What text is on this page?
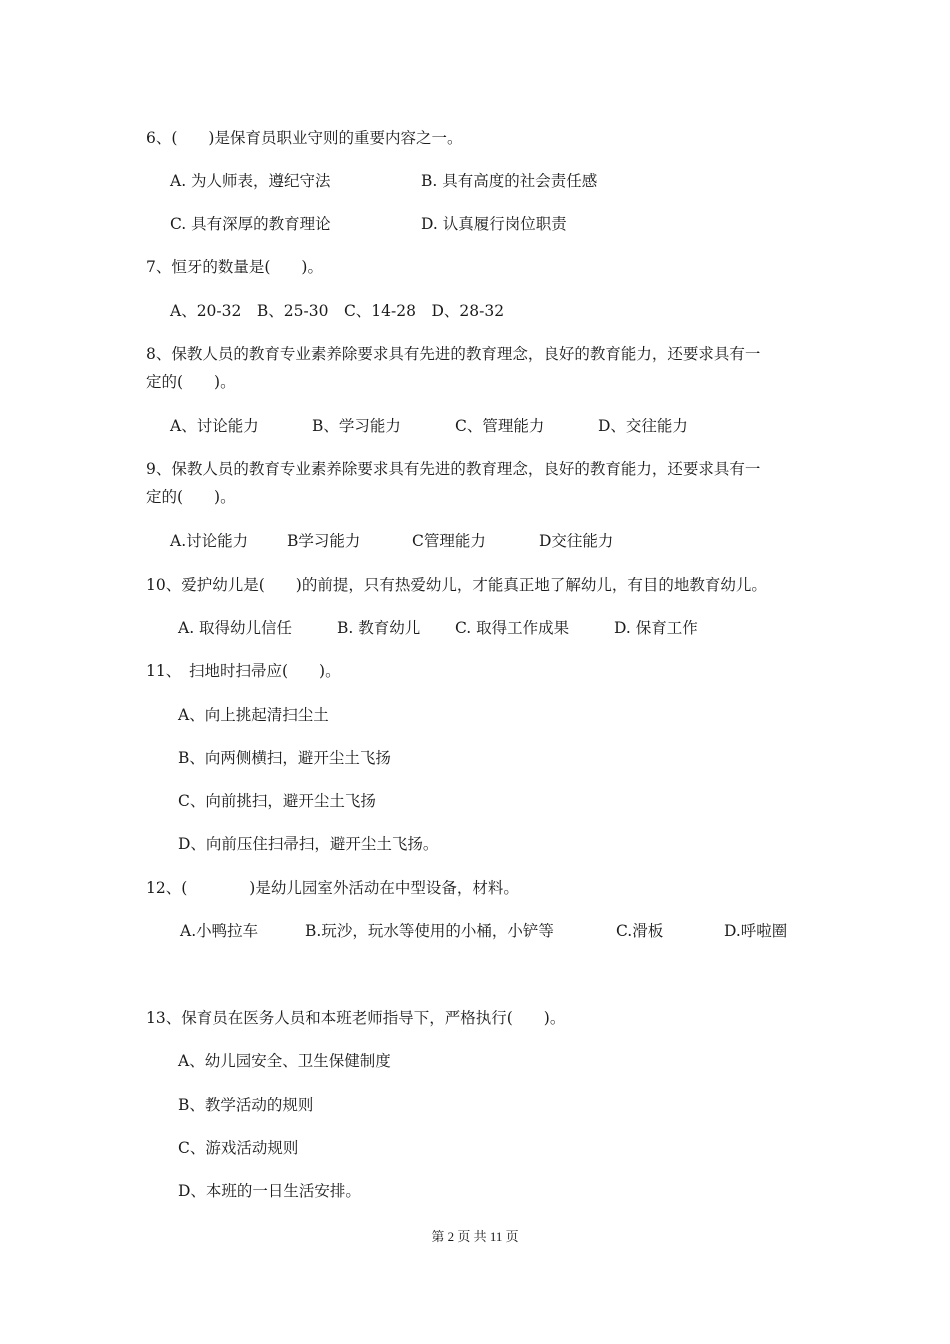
6、(　　)是保育员职业守则的重要内容之一。
A. 为人师表，遵纪守法	B. 具有高度的社会责任感
C. 具有深厚的教育理论	D. 认真履行岗位职责
7、恒牙的数量是(　　)。
A、20-32　B、25-30　C、14-28　D、28-32
8、保教人员的教育专业素养除要求具有先进的教育理念，良好的教育能力，还要求具有一
定的(　　)。
A、讨论能力	B、学习能力	C、管理能力	D、交往能力
9、保教人员的教育专业素养除要求具有先进的教育理念，良好的教育能力，还要求具有一
定的(　　)。
A.讨论能力	B学习能力	C管理能力	D交往能力
10、爱护幼儿是(　　)的前提，只有热爱幼儿，才能真正地了解幼儿，有目的地教育幼儿。
A. 取得幼儿信任	B. 教育幼儿 C. 取得工作成果	D. 保育工作
11、　扫地时扫帚应(　　)。
A、向上挑起清扫尘土
B、向两侧横扫，避开尘土飞扬
C、向前挑扫，避开尘土飞扬
D、向前压住扫帚扫，避开尘土飞扬。
12、(　　　　)是幼儿园室外活动在中型设备，材料。
A.小鸭拉车	B.玩沙，玩水等使用的小桶，小铲等	C.滑板	D.呼啦圈
13、保育员在医务人员和本班老师指导下，严格执行(　　)。
A、幼儿园安全、卫生保健制度
B、教学活动的规则
C、游戏活动规则
D、本班的一日生活安排。
第 2 页 共 11 页
